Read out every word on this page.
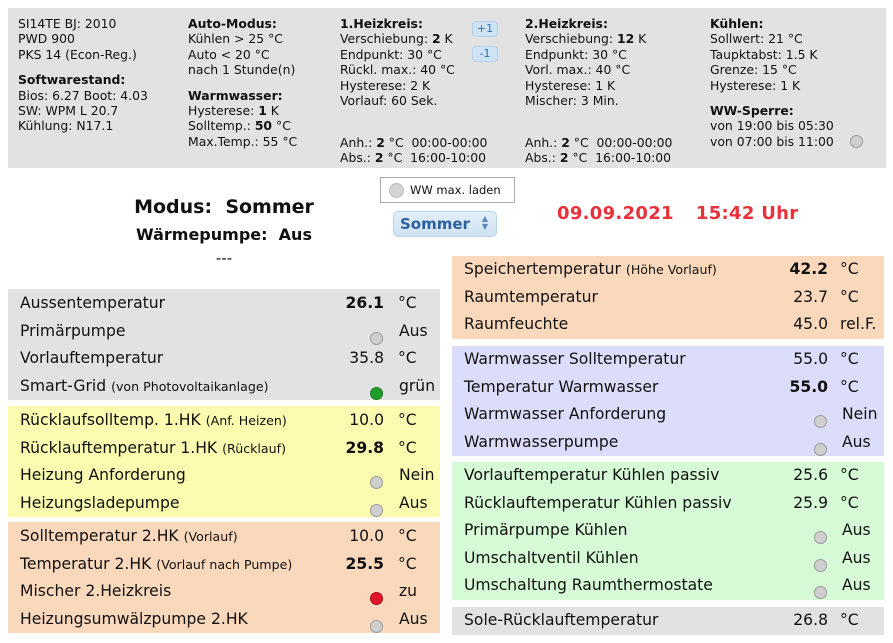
SI14TE BJ: 2010
PWD 900
PKS 14 (Econ-Reg.)
Softwarestand:
Bios: 6.27 Boot: 4.03
SW: WPM L 20.7
Kühlung: N17.1
Auto-Modus:
Kühlen > 25 °C
Auto < 20 °C
nach 1 Stunde(n)
Warmwasser:
Hysterese: 1 K
Solltemp.: 50 °C
Max.Temp.: 55 °C
1.Heizkreis:
Verschiebung: 2 K
Endpunkt: 30 °C
Rückl. max.: 40 °C
Hysterese: 2 K
Vorlauf: 60 Sek.
Anh.: 2 °C  00:00-00:00
Abs.: 2 °C  16:00-10:00
+1
-1
2.Heizkreis:
Verschiebung: 12 K
Endpunkt: 30 °C
Vorl. max.: 40 °C
Hysterese: 1 K
Mischer: 3 Min.
Anh.: 2 °C  00:00-00:00
Abs.: 2 °C  16:00-10:00
Kühlen:
Sollwert: 21 °C
Taupktabst: 1.5 K
Grenze: 15 °C
Hysterese: 1 K
WW-Sperre:
von 19:00 bis 05:30
von 07:00 bis 11:00
Modus: Sommer
Wärmepumpe: Aus
---
WW max. laden
Sommer ▲
▼
09.09.2021 15:42 Uhr
Aussentemperatur	26.1 °C
Primärpumpe	Aus
Vorlauftemperatur	35.8 °C
Smart-Grid (von Photovoltaikanlage)	grün
Rücklaufsolltemp. 1.HK (Anf. Heizen)	10.0 °C
Rücklauftemperatur 1.HK (Rücklauf)	29.8 °C
Heizung Anforderung	Nein
Heizungsladepumpe	Aus
Solltemperatur 2.HK (Vorlauf)	10.0 °C
Temperatur 2.HK (Vorlauf nach Pumpe)	25.5 °C
Mischer 2.Heizkreis	zu
Heizungsumwälzpumpe 2.HK	Aus
Speichertemperatur (Höhe Vorlauf)	42.2 °C
Raumtemperatur	23.7 °C
Raumfeuchte	45.0 rel.F.
Warmwasser Solltemperatur	55.0 °C
Temperatur Warmwasser	55.0 °C
Warmwasser Anforderung	Nein
Warmwasserpumpe	Aus
Vorlauftemperatur Kühlen passiv	25.6 °C
Rücklauftemperatur Kühlen passiv	25.9 °C
Primärpumpe Kühlen	Aus
Umschaltventil Kühlen	Aus
Umschaltung Raumthermostate	Aus
Sole-Rücklauftemperatur	26.8 °C
